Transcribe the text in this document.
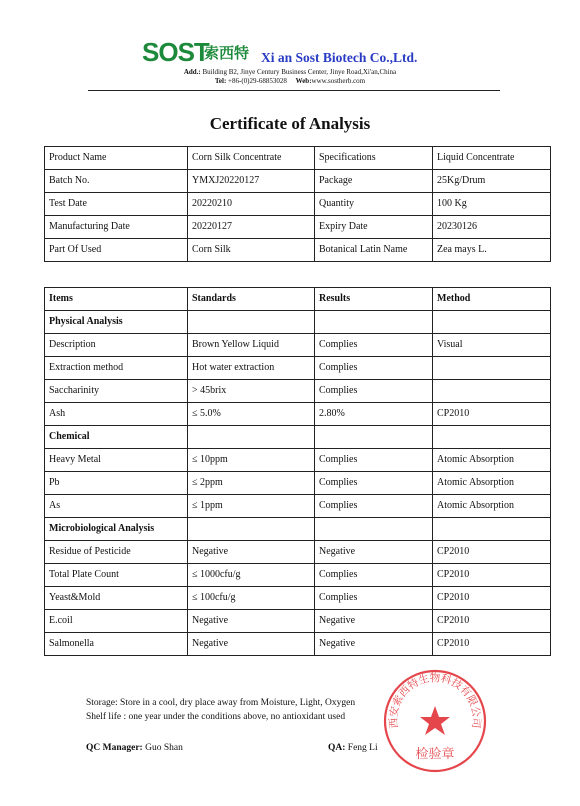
SOST
索西特 Xi an Sost Biotech Co.,Ltd.
Add.: Building B2, Jinye Century Business Center, Jinye Road,Xi'an,China
Tel: +86-(0)29-68853028 Web:www.sostherb.com
Certificate of Analysis
Product Name	Corn Silk Concentrate	Specifications	Liquid Concentrate
Batch No.	YMXJ20220127	Package	25Kg/Drum
Test Date	20220210	Quantity	100 Kg
Manufacturing Date	20220127	Expiry Date	20230126
Part Of Used	Corn Silk	Botanical Latin Name	Zea mays L.
Items	Standards	Results	Method
Physical Analysis			
Description	Brown Yellow Liquid	Complies	Visual
Extraction method	Hot water extraction	Complies	
Saccharinity	> 45brix	Complies	
Ash	≤ 5.0%	2.80%	CP2010
Chemical			
Heavy Metal	≤ 10ppm	Complies	Atomic Absorption
Pb	≤ 2ppm	Complies	Atomic Absorption
As	≤ 1ppm	Complies	Atomic Absorption
Microbiological Analysis			
Residue of Pesticide	Negative	Negative	CP2010
Total Plate Count	≤ 1000cfu/g	Complies	CP2010
Yeast&Mold	≤ 100cfu/g	Complies	CP2010
E.coil	Negative	Negative	CP2010
Salmonella	Negative	Negative	CP2010
Storage: Store in a cool, dry place away from Moisture, Light, Oxygen
Shelf life : one year under the conditions above, no antioxidant used
QC Manager: Guo Shan	QA: Feng Li
西安索西特生物科技有限公司
检验章
